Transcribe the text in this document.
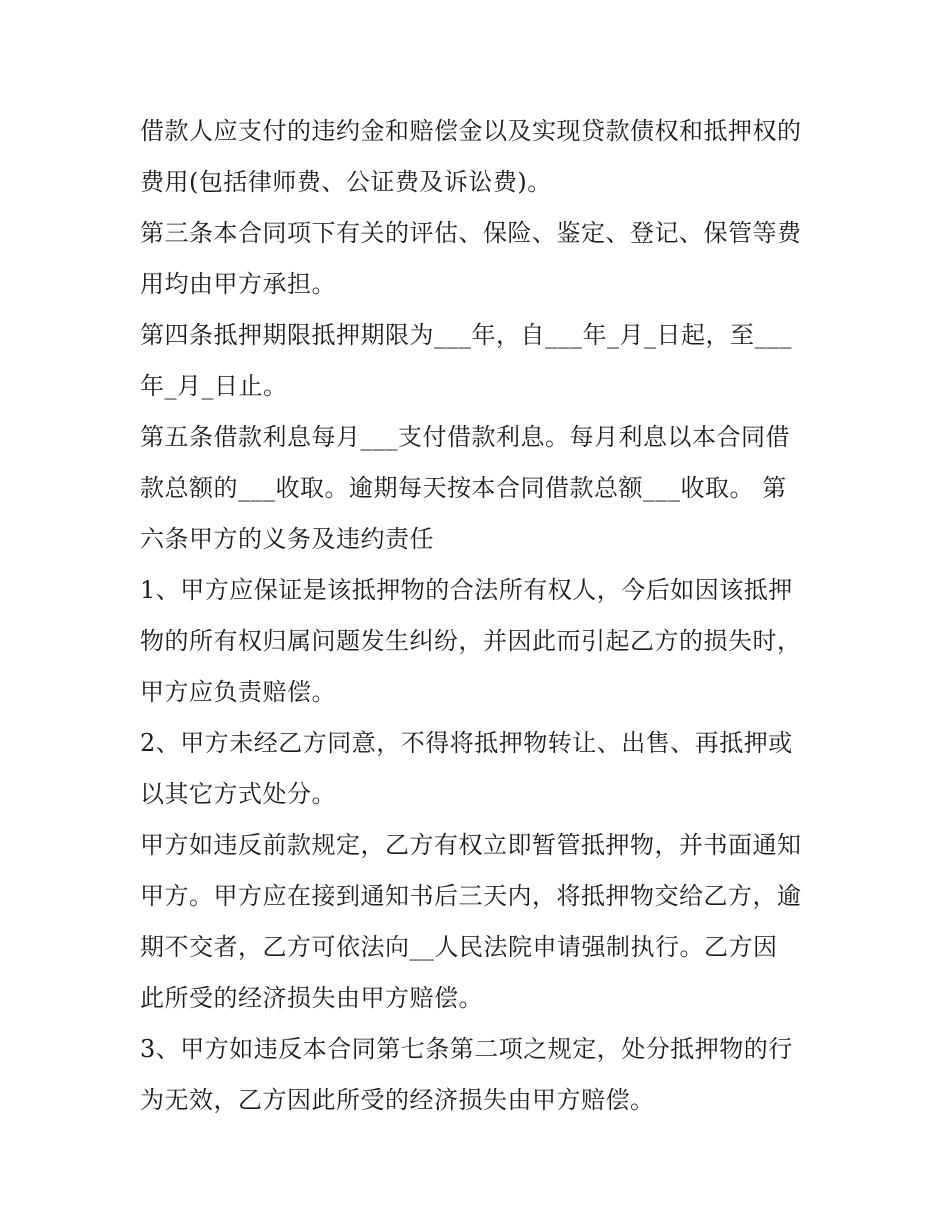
借款人应支付的违约金和赔偿金以及实现贷款债权和抵押权的
费用(包括律师费、公证费及诉讼费)。
第三条本合同项下有关的评估、保险、鉴定、登记、保管等费
用均由甲方承担。
第四条抵押期限抵押期限为___年，自___年_月_日起，至___
年_月_日止。
第五条借款利息每月___支付借款利息。每月利息以本合同借
款总额的___收取。逾期每天按本合同借款总额___收取。 第
六条甲方的义务及违约责任
1、甲方应保证是该抵押物的合法所有权人，今后如因该抵押
物的所有权归属问题发生纠纷，并因此而引起乙方的损失时，
甲方应负责赔偿。
2、甲方未经乙方同意，不得将抵押物转让、出售、再抵押或
以其它方式处分。
甲方如违反前款规定，乙方有权立即暂管抵押物，并书面通知
甲方。甲方应在接到通知书后三天内，将抵押物交给乙方，逾
期不交者，乙方可依法向__人民法院申请强制执行。乙方因
此所受的经济损失由甲方赔偿。
3、甲方如违反本合同第七条第二项之规定，处分抵押物的行
为无效，乙方因此所受的经济损失由甲方赔偿。
